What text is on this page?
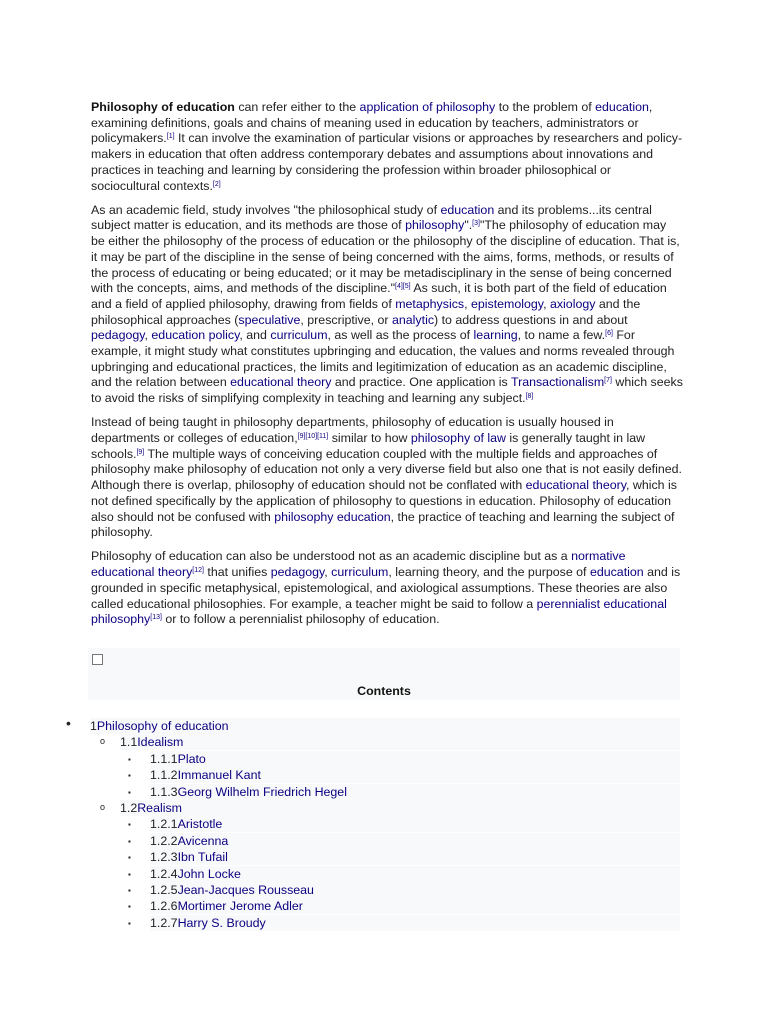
Philosophy of education can refer either to the application of philosophy to the problem of education, examining definitions, goals and chains of meaning used in education by teachers, administrators or policymakers.[1] It can involve the examination of particular visions or approaches by researchers and policy-makers in education that often address contemporary debates and assumptions about innovations and practices in teaching and learning by considering the profession within broader philosophical or sociocultural contexts.[2]

As an academic field, study involves "the philosophical study of education and its problems...its central subject matter is education, and its methods are those of philosophy".[3]"The philosophy of education may be either the philosophy of the process of education or the philosophy of the discipline of education. That is, it may be part of the discipline in the sense of being concerned with the aims, forms, methods, or results of the process of educating or being educated; or it may be metadisciplinary in the sense of being concerned with the concepts, aims, and methods of the discipline."[4][5] As such, it is both part of the field of education and a field of applied philosophy, drawing from fields of metaphysics, epistemology, axiology and the philosophical approaches (speculative, prescriptive, or analytic) to address questions in and about pedagogy, education policy, and curriculum, as well as the process of learning, to name a few.[6] For example, it might study what constitutes upbringing and education, the values and norms revealed through upbringing and educational practices, the limits and legitimization of education as an academic discipline, and the relation between educational theory and practice. One application is Transactionalism[7] which seeks to avoid the risks of simplifying complexity in teaching and learning any subject.[8]

Instead of being taught in philosophy departments, philosophy of education is usually housed in departments or colleges of education,[9][10][11] similar to how philosophy of law is generally taught in law schools.[9] The multiple ways of conceiving education coupled with the multiple fields and approaches of philosophy make philosophy of education not only a very diverse field but also one that is not easily defined. Although there is overlap, philosophy of education should not be conflated with educational theory, which is not defined specifically by the application of philosophy to questions in education. Philosophy of education also should not be confused with philosophy education, the practice of teaching and learning the subject of philosophy.

Philosophy of education can also be understood not as an academic discipline but as a normative educational theory[12] that unifies pedagogy, curriculum, learning theory, and the purpose of education and is grounded in specific metaphysical, epistemological, and axiological assumptions. These theories are also called educational philosophies. For example, a teacher might be said to follow a perennialist educational philosophy[13] or to follow a perennialist philosophy of education.

Contents
• 1Philosophy of education
o 1.1Idealism
▪ 1.1.1Plato
▪ 1.1.2Immanuel Kant
▪ 1.1.3Georg Wilhelm Friedrich Hegel
o 1.2Realism
▪ 1.2.1Aristotle
▪ 1.2.2Avicenna
▪ 1.2.3Ibn Tufail
▪ 1.2.4John Locke
▪ 1.2.5Jean-Jacques Rousseau
▪ 1.2.6Mortimer Jerome Adler
▪ 1.2.7Harry S. Broudy
